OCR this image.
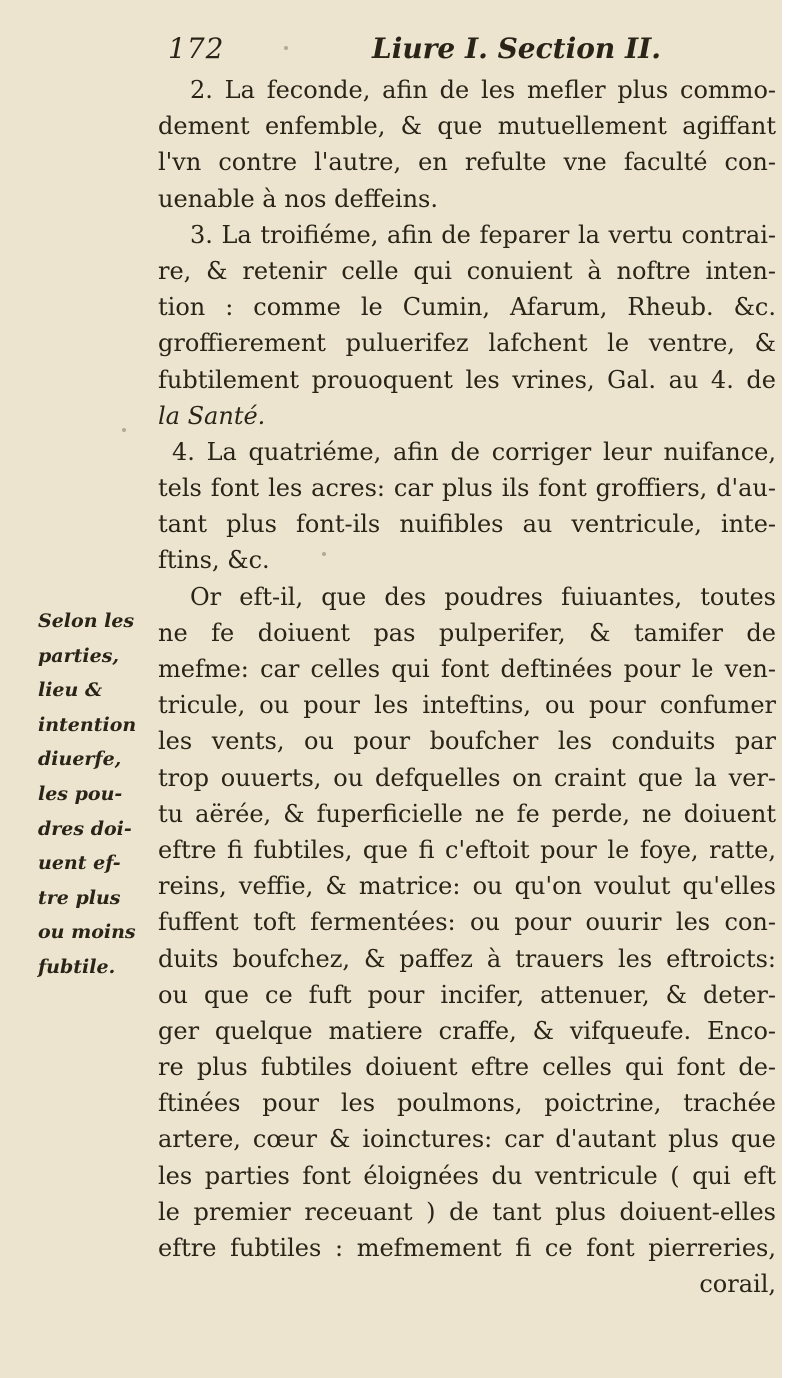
172	Liure I. Section II.
Selon les
parties,
lieu &
intention
diuerfe,
les pou-
dres doi-
uent ef-
tre plus
ou moins
fubtile.
2. La feconde, afin de les mefler plus commo-
dement enfemble, & que mutuellement agiffant
l'vn contre l'autre, en refulte vne faculté con-
uenable à nos deffeins.
3. La troifiéme, afin de feparer la vertu contrai-
re, & retenir celle qui conuient à noftre inten-
tion : comme le Cumin, Afarum, Rheub. &c.
groffierement puluerifez lafchent le ventre, &
fubtilement prouoquent les vrines, Gal. au 4. de
la Santé.
4. La quatriéme, afin de corriger leur nuifance,
tels font les acres: car plus ils font groffiers, d'au-
tant plus font-ils nuifibles au ventricule, inte-
ftins, &c.
Or eft-il, que des poudres fuiuantes, toutes
ne fe doiuent pas pulperifer, & tamifer de
mefme: car celles qui font deftinées pour le ven-
tricule, ou pour les inteftins, ou pour confumer
les vents, ou pour boufcher les conduits par
trop ouuerts, ou defquelles on craint que la ver-
tu aërée, & fuperficielle ne fe perde, ne doiuent
eftre fi fubtiles, que fi c'eftoit pour le foye, ratte,
reins, veffie, & matrice: ou qu'on voulut qu'elles
fuffent toft fermentées: ou pour ouurir les con-
duits boufchez, & paffez à trauers les eftroicts:
ou que ce fuft pour incifer, attenuer, & deter-
ger quelque matiere craffe, & vifqueufe. Enco-
re plus fubtiles doiuent eftre celles qui font de-
ftinées pour les poulmons, poictrine, trachée
artere, cœur & ioinctures: car d'autant plus que
les parties font éloignées du ventricule ( qui eft
le premier receuant ) de tant plus doiuent-elles
eftre fubtiles : mefmement fi ce font pierreries,
corail,
